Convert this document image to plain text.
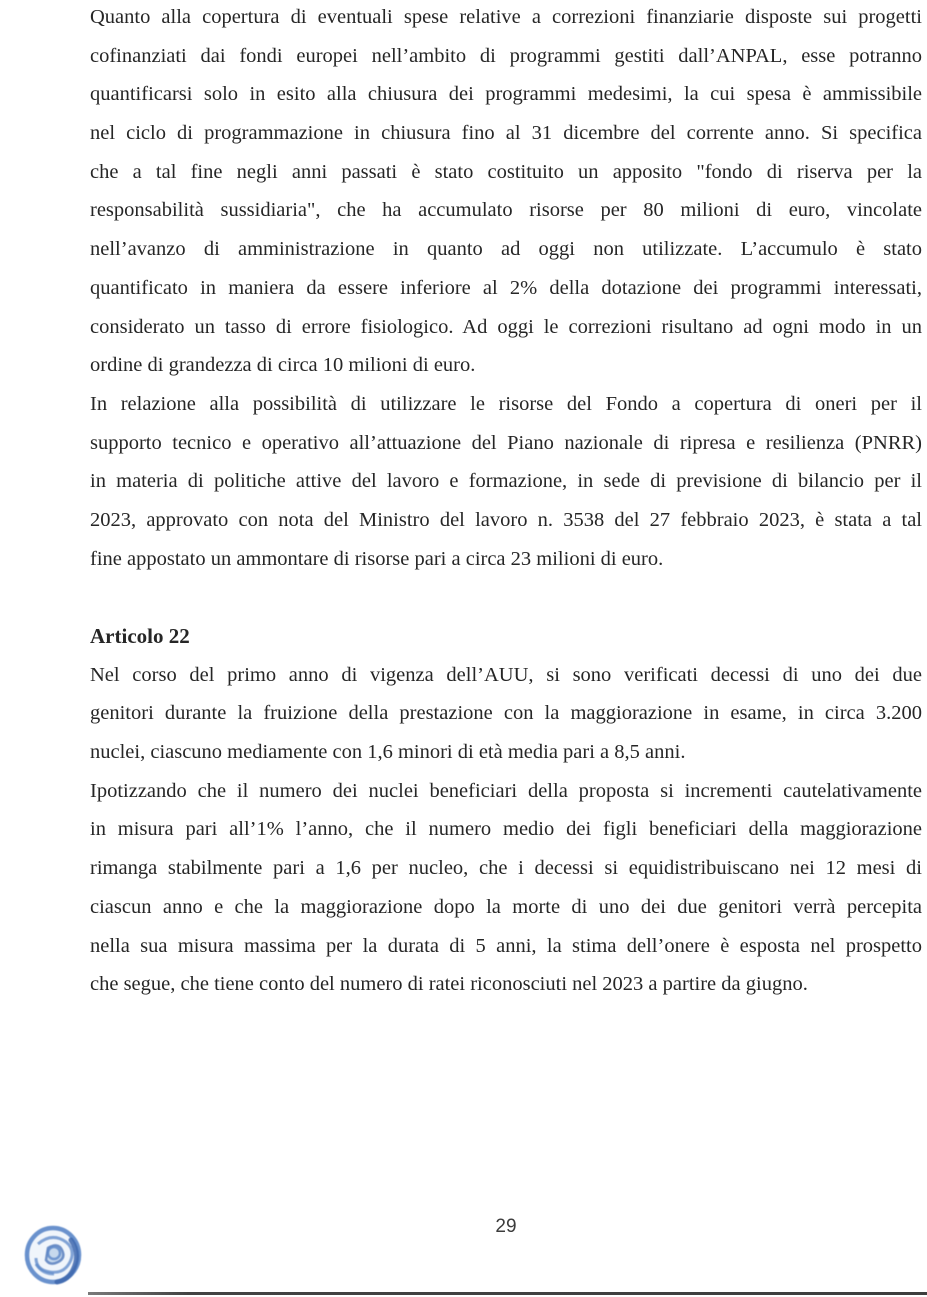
Quanto alla copertura di eventuali spese relative a correzioni finanziarie disposte sui progetti
cofinanziati dai fondi europei nell’ambito di programmi gestiti dall’ANPAL, esse potranno
quantificarsi solo in esito alla chiusura dei programmi medesimi, la cui spesa è ammissibile
nel ciclo di programmazione in chiusura fino al 31 dicembre del corrente anno. Si specifica
che a tal fine negli anni passati è stato costituito un apposito "fondo di riserva per la
responsabilità sussidiaria", che ha accumulato risorse per 80 milioni di euro, vincolate
nell’avanzo di amministrazione in quanto ad oggi non utilizzate. L’accumulo è stato
quantificato in maniera da essere inferiore al 2% della dotazione dei programmi interessati,
considerato un tasso di errore fisiologico. Ad oggi le correzioni risultano ad ogni modo in un
ordine di grandezza di circa 10 milioni di euro.
In relazione alla possibilità di utilizzare le risorse del Fondo a copertura di oneri per il
supporto tecnico e operativo all’attuazione del Piano nazionale di ripresa e resilienza (PNRR)
in materia di politiche attive del lavoro e formazione, in sede di previsione di bilancio per il
2023, approvato con nota del Ministro del lavoro n. 3538 del 27 febbraio 2023, è stata a tal
fine appostato un ammontare di risorse pari a circa 23 milioni di euro.
Articolo 22
Nel corso del primo anno di vigenza dell’AUU, si sono verificati decessi di uno dei due
genitori durante la fruizione della prestazione con la maggiorazione in esame, in circa 3.200
nuclei, ciascuno mediamente con 1,6 minori di età media pari a 8,5 anni.
Ipotizzando che il numero dei nuclei beneficiari della proposta si incrementi cautelativamente
in misura pari all’1% l’anno, che il numero medio dei figli beneficiari della maggiorazione
rimanga stabilmente pari a 1,6 per nucleo, che i decessi si equidistribuiscano nei 12 mesi di
ciascun anno e che la maggiorazione dopo la morte di uno dei due genitori verrà percepita
nella sua misura massima per la durata di 5 anni, la stima dell’onere è esposta nel prospetto
che segue, che tiene conto del numero di ratei riconosciuti nel 2023 a partire da giugno.
29
